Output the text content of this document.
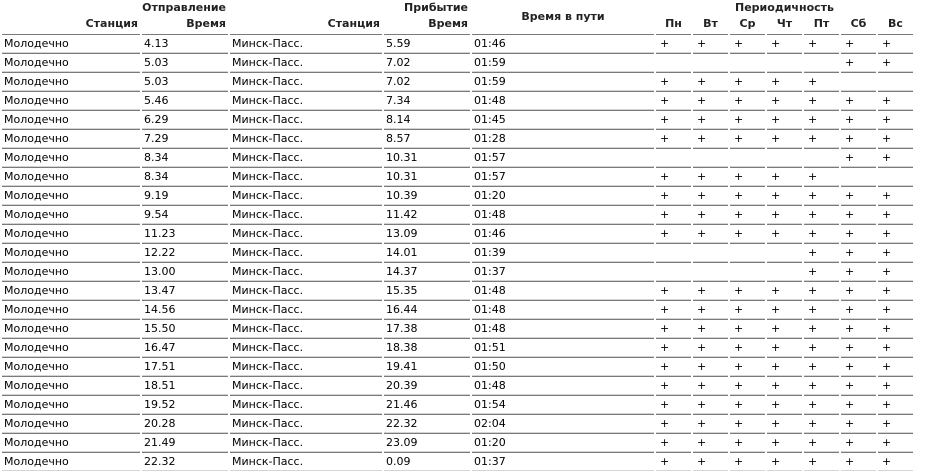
Отправление		Прибытие		Время в пути	Периодичность						
Станция	Время	Станция	Время		Пн	Вт	Ср	Чт	Пт	Сб	Вс
Молодечно	4.13	Минск-Пасс.	5.59	01:46	+	+	+	+	+	+	+
Молодечно	5.03	Минск-Пасс.	7.02	01:59						+	+
Молодечно	5.03	Минск-Пасс.	7.02	01:59	+	+	+	+	+		
Молодечно	5.46	Минск-Пасс.	7.34	01:48	+	+	+	+	+	+	+
Молодечно	6.29	Минск-Пасс.	8.14	01:45	+	+	+	+	+	+	+
Молодечно	7.29	Минск-Пасс.	8.57	01:28	+	+	+	+	+	+	+
Молодечно	8.34	Минск-Пасс.	10.31	01:57						+	+
Молодечно	8.34	Минск-Пасс.	10.31	01:57	+	+	+	+	+		
Молодечно	9.19	Минск-Пасс.	10.39	01:20	+	+	+	+	+	+	+
Молодечно	9.54	Минск-Пасс.	11.42	01:48	+	+	+	+	+	+	+
Молодечно	11.23	Минск-Пасс.	13.09	01:46	+	+	+	+	+	+	+
Молодечно	12.22	Минск-Пасс.	14.01	01:39					+	+	+
Молодечно	13.00	Минск-Пасс.	14.37	01:37					+	+	+
Молодечно	13.47	Минск-Пасс.	15.35	01:48	+	+	+	+	+	+	+
Молодечно	14.56	Минск-Пасс.	16.44	01:48	+	+	+	+	+	+	+
Молодечно	15.50	Минск-Пасс.	17.38	01:48	+	+	+	+	+	+	+
Молодечно	16.47	Минск-Пасс.	18.38	01:51	+	+	+	+	+	+	+
Молодечно	17.51	Минск-Пасс.	19.41	01:50	+	+	+	+	+	+	+
Молодечно	18.51	Минск-Пасс.	20.39	01:48	+	+	+	+	+	+	+
Молодечно	19.52	Минск-Пасс.	21.46	01:54	+	+	+	+	+	+	+
Молодечно	20.28	Минск-Пасс.	22.32	02:04	+	+	+	+	+	+	+
Молодечно	21.49	Минск-Пасс.	23.09	01:20	+	+	+	+	+	+	+
Молодечно	22.32	Минск-Пасс.	0.09	01:37	+	+	+	+	+	+	+
